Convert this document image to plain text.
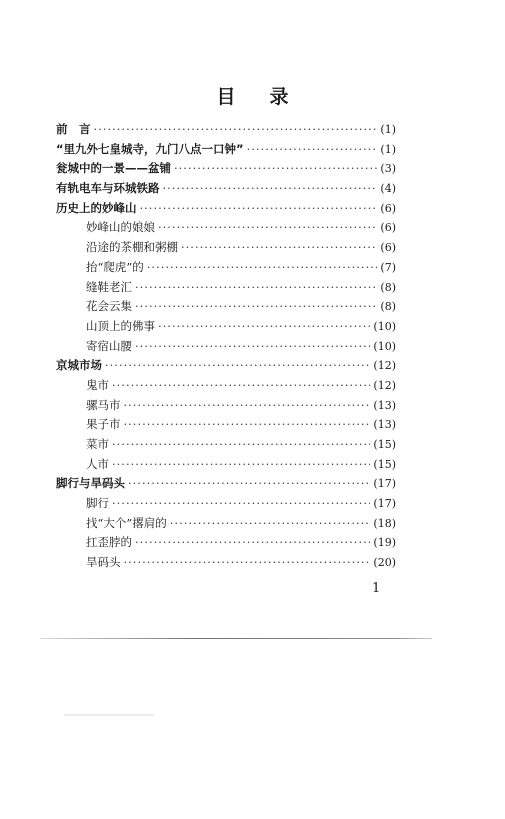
目录
前　言 ·····	(1)
“里九外七皇城寺，九门八点一口钟” ·····	(1)
瓮城中的一景——盆铺 ·····	(3)
有轨电车与环城铁路 ·····	(4)
历史上的妙峰山 ·····	(6)
妙峰山的娘娘 ·····	(6)
沿途的茶棚和粥棚 ·····	(6)
抬“爬虎”的 ·····	(7)
缝鞋老汇 ·····	(8)
花会云集 ·····	(8)
山顶上的佛事 ·····	(10)
寄宿山腰 ·····	(10)
京城市场 ·····	(12)
鬼市 ·····	(12)
骡马市 ·····	(13)
果子市 ·····	(13)
菜市 ·····	(15)
人市 ·····	(15)
脚行与旱码头 ·····	(17)
脚行 ·····	(17)
找“大个”撂肩的 ·····	(18)
扛歪脖的 ·····	(19)
旱码头 ·····	(20)
1
